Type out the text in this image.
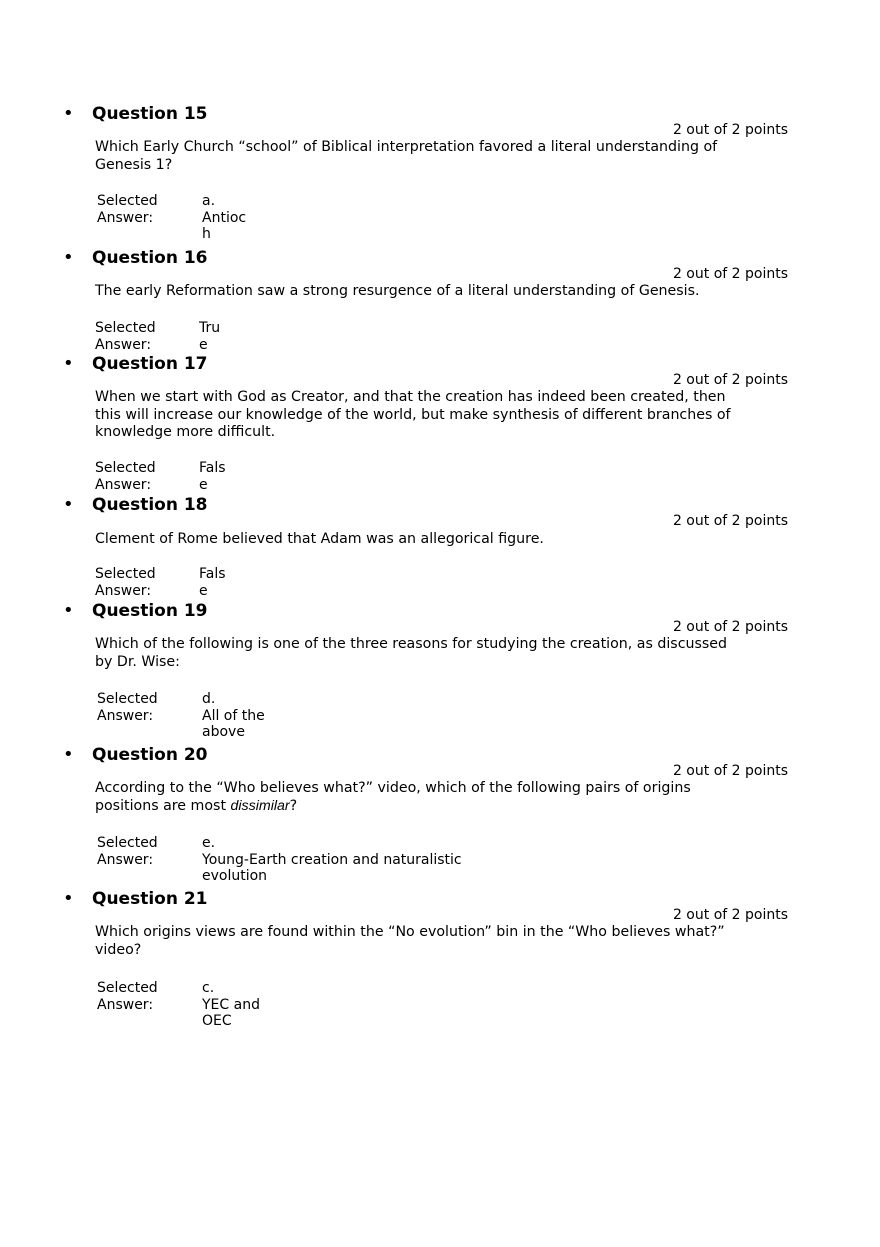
• Question 15
2 out of 2 points
Which Early Church “school” of Biblical interpretation favored a literal understanding of Genesis 1?
Selected
Answer:
a.
Antioc
h
• Question 16
2 out of 2 points
The early Reformation saw a strong resurgence of a literal understanding of Genesis.
Selected
Answer:
Tru
e
• Question 17
2 out of 2 points
When we start with God as Creator, and that the creation has indeed been created, then this will increase our knowledge of the world, but make synthesis of different branches of knowledge more difficult.
Selected
Answer:
Fals
e
• Question 18
2 out of 2 points
Clement of Rome believed that Adam was an allegorical figure.
Selected
Answer:
Fals
e
• Question 19
2 out of 2 points
Which of the following is one of the three reasons for studying the creation, as discussed by Dr. Wise:
Selected
Answer:
d.
All of the
above
• Question 20
2 out of 2 points
According to the “Who believes what?” video, which of the following pairs of origins positions are most dissimilar?
Selected
Answer:
e.
Young-Earth creation and naturalistic
evolution
• Question 21
2 out of 2 points
Which origins views are found within the “No evolution” bin in the “Who believes what?” video?
Selected
Answer:
c.
YEC and
OEC
